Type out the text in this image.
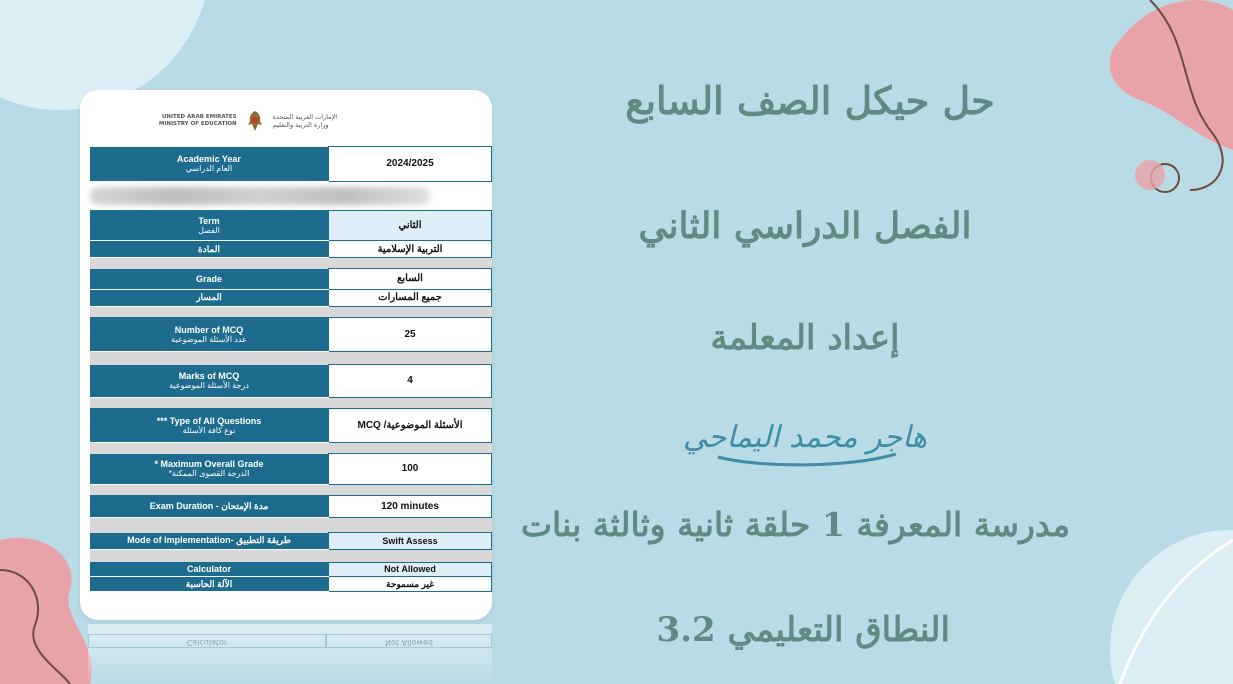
UNITED ARAB EMIRATES
MINISTRY OF EDUCATION
الإمارات العربية المتحدة
وزارة التربية والتعليم
Academic Year
العام الدراسي	2024/2025

Term
الفصل	الثاني
المادة	التربية الإسلامية

Grade	السابع
المسار	جميع المسارات

Number of MCQ
عدد الأسئلة الموضوعية	25

Marks of MCQ
درجة الأسئلة الموضوعية	4

*** Type of All Questions
نوع كافة الأسئلة	الأسئلة الموضوعية/ MCQ

* Maximum Overall Grade
*الدرجة القصوى الممكنة	100

Exam Duration - مدة الإمتحان	120 minutes

Mode of Implementation- طريقة التطبيق	Swift Assess

Calculator	Not Allowed
الآلة الحاسبة	غير مسموحة
Calculator	Not Allowed
حل حيكل الصف السابع
الفصل الدراسي الثاني
إعداد المعلمة
هاجر محمد اليماحي
مدرسة المعرفة 1 حلقة ثانية وثالثة بنات
النطاق التعليمي 3.2
